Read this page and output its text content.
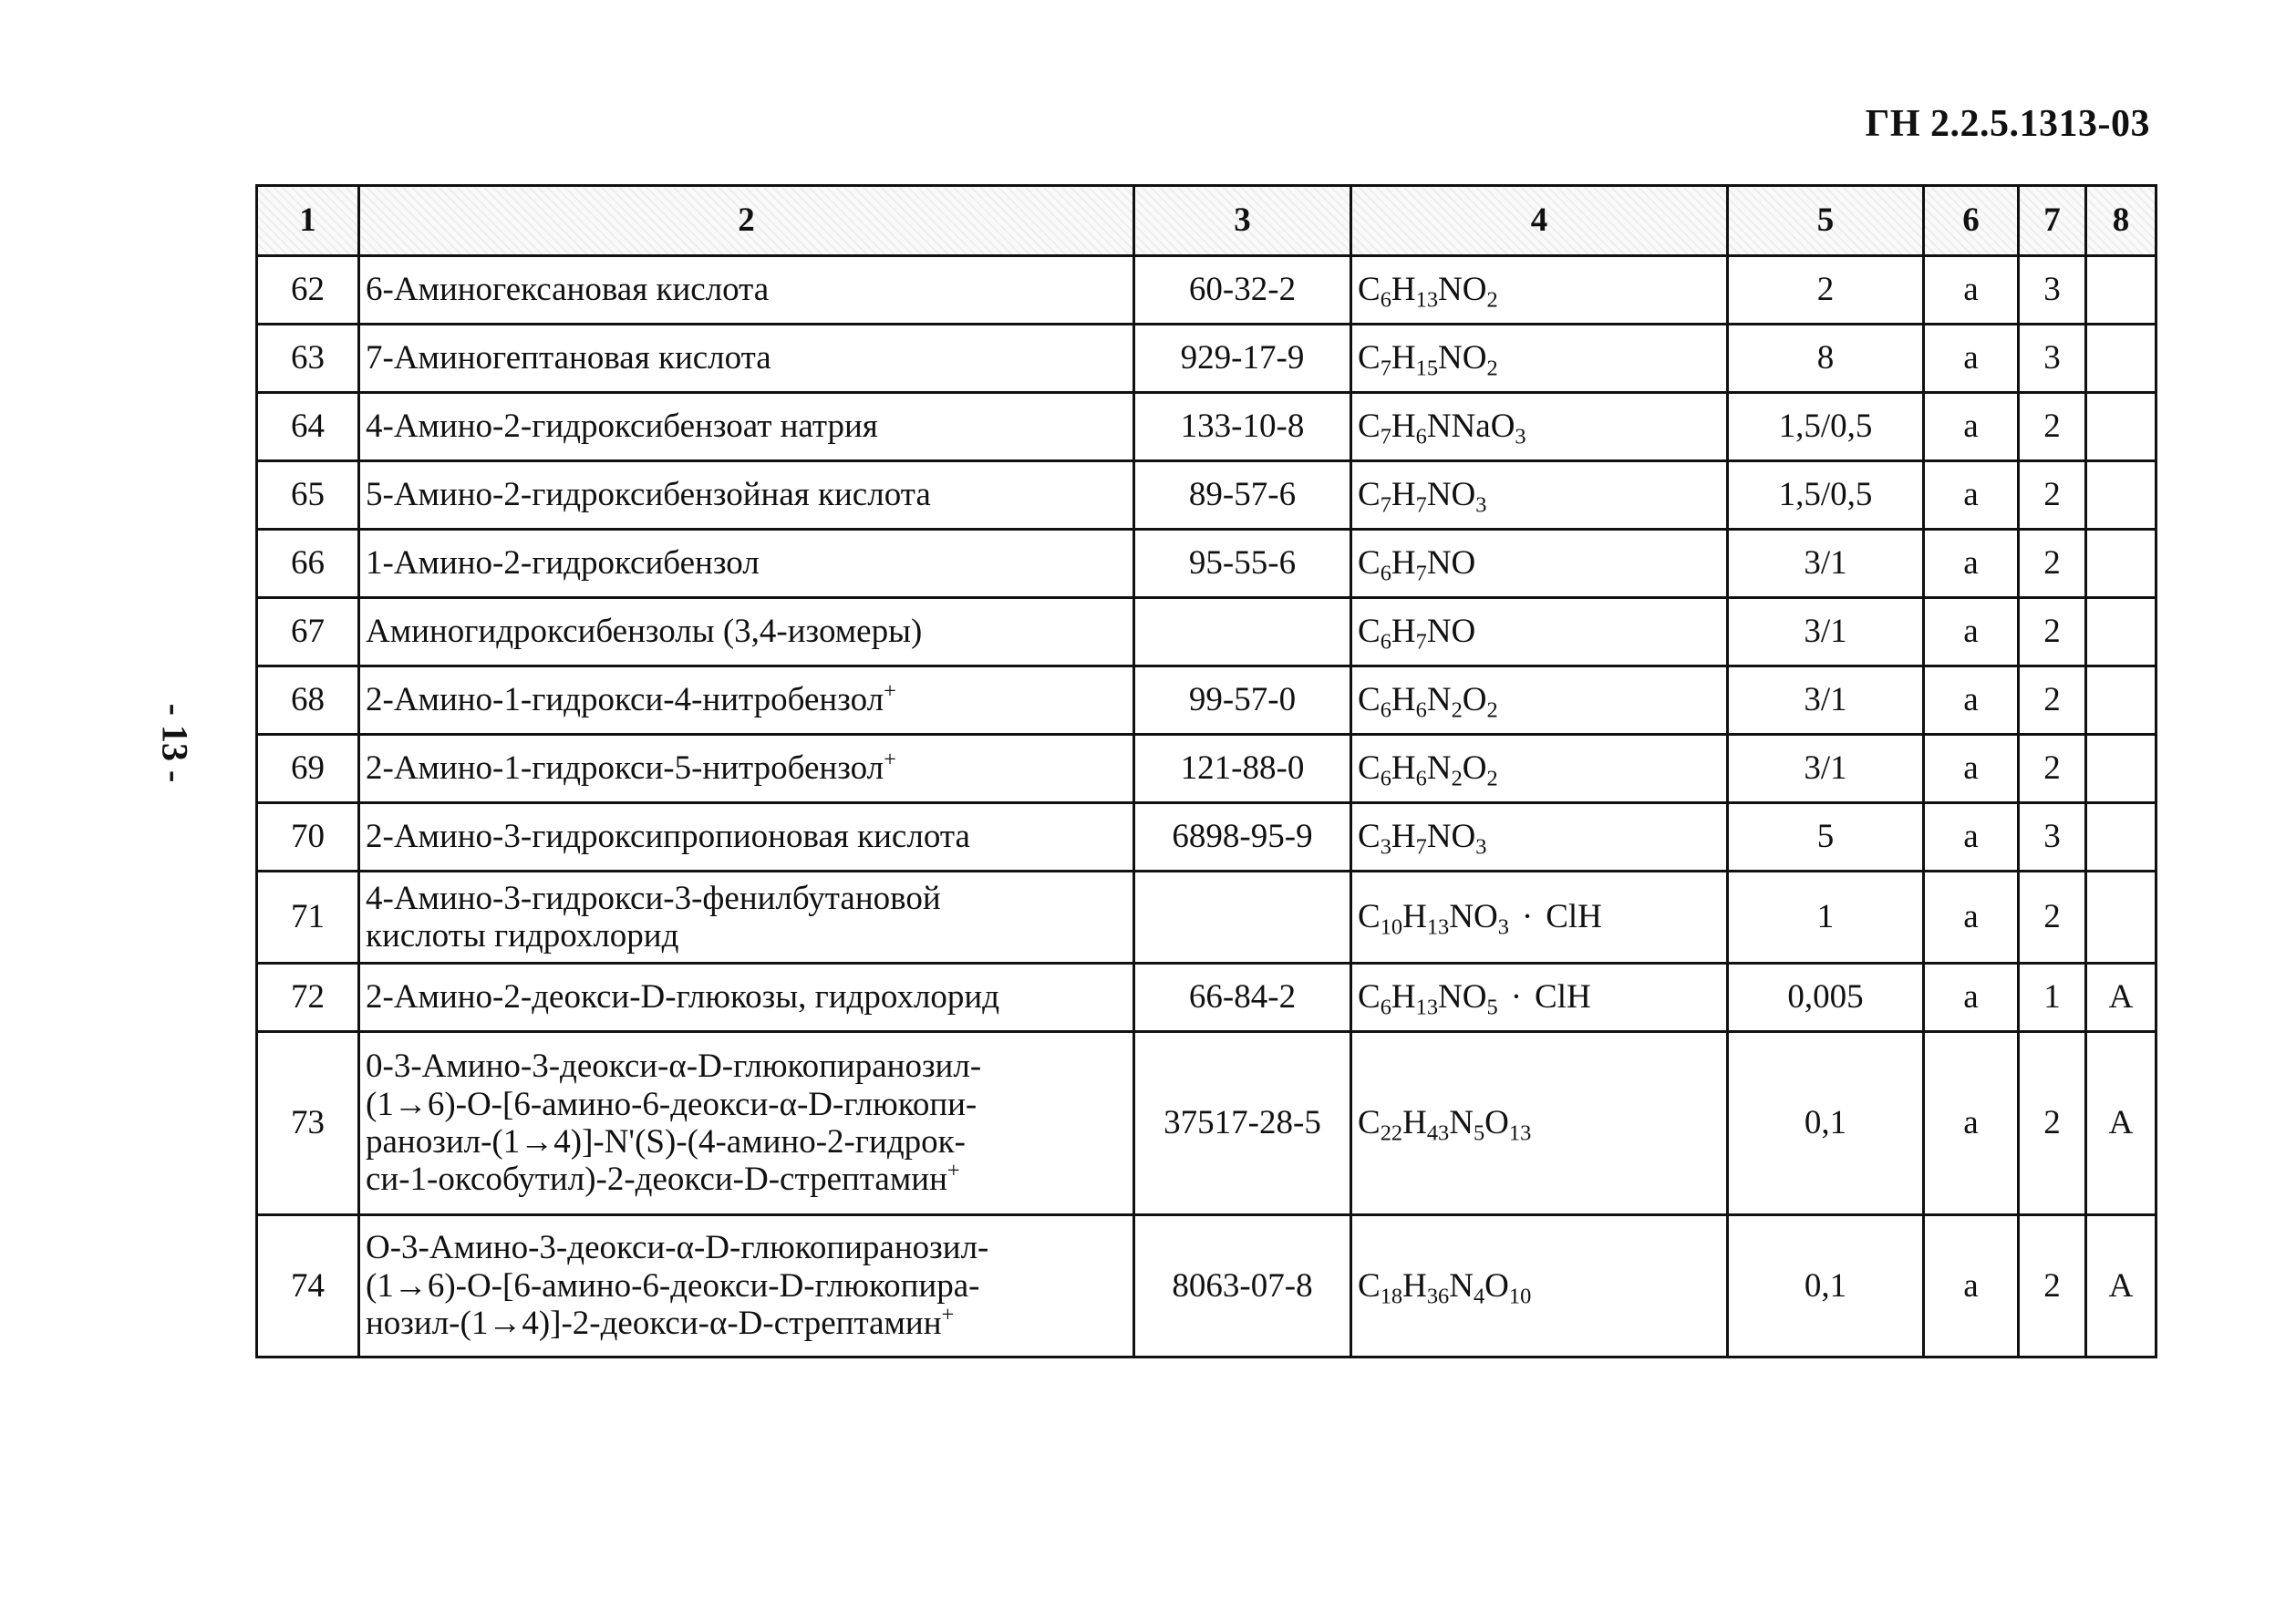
ГН 2.2.5.1313-03
- 13 -
1	2	3	4	5	6	7	8
62	6-Аминогексановая кислота	60-32-2	$C_6H_{13}NO_2$	2	а	3	
63	7-Аминогептановая кислота	929-17-9	$C_7H_{15}NO_2$	8	а	3	
64	4-Амино-2-гидроксибензоат натрия	133-10-8	$C_7H_6NNaO_3$	1,5/0,5	а	2	
65	5-Амино-2-гидроксибензойная кислота	89-57-6	$C_7H_7NO_3$	1,5/0,5	а	2	
66	1-Амино-2-гидроксибензол	95-55-6	$C_6H_7NO$	3/1	а	2	
67	Аминогидроксибензолы (3,4-изомеры)		$C_6H_7NO$	3/1	а	2	
68	2-Амино-1-гидрокси-4-нитробензол+	99-57-0	$C_6H_6N_2O_2$	3/1	а	2	
69	2-Амино-1-гидрокси-5-нитробензол+	121-88-0	$C_6H_6N_2O_2$	3/1	а	2	
70	2-Амино-3-гидроксипропионовая кислота	6898-95-9	$C_3H_7NO_3$	5	а	3	
71	4-Амино-3-гидрокси-3-фенилбутановой
кислоты гидрохлорид		$C_{10}H_{13}NO_3$ · ClH	1	а	2	
72	2-Амино-2-деокси-D-глюкозы, гидрохлорид	66-84-2	$C_6H_{13}NO_5$ · ClH	0,005	а	1	А
73	0-3-Амино-3-деокси-α-D-глюкопиранозил-
(1→6)-О-[6-амино-6-деокси-α-D-глюкопи-
ранозил-(1→4)]-N'(S)-(4-амино-2-гидрок-
си-1-оксобутил)-2-деокси-D-стрептамин+	37517-28-5	$C_{22}H_{43}N_5O_{13}$	0,1	а	2	А
74	О-3-Амино-3-деокси-α-D-глюкопиранозил-
(1→6)-О-[6-амино-6-деокси-D-глюкопира-
нозил-(1→4)]-2-деокси-α-D-стрептамин+	8063-07-8	$C_{18}H_{36}N_4O_{10}$	0,1	а	2	А
